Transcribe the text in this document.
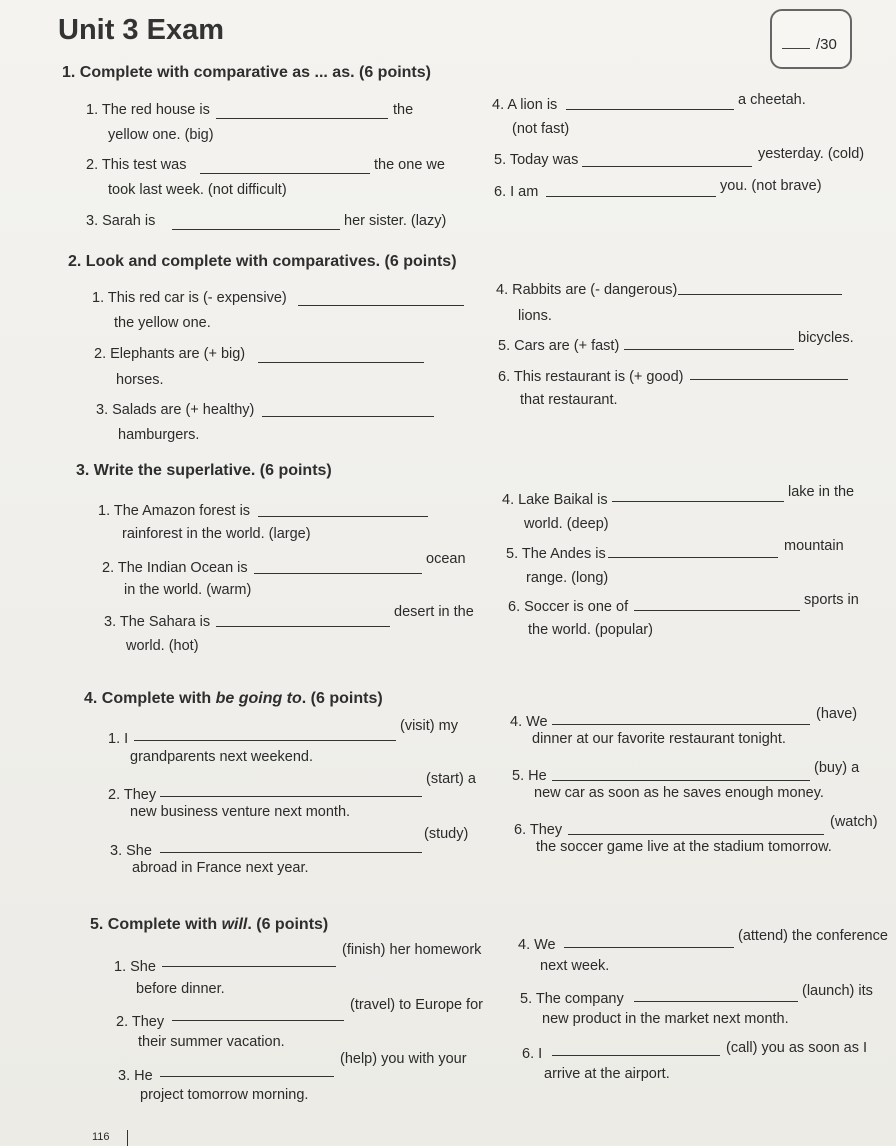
Unit 3 Exam	/30
1. Complete with comparative as ... as. (6 points)
1. The red house is	the
yellow one. (big)
2. This test was	the one we
took last week. (not difficult)
3. Sarah is	her sister. (lazy)
4. A lion is	a cheetah.
(not fast)
5. Today was	yesterday. (cold)
6. I am	you. (not brave)
2. Look and complete with comparatives. (6 points)
1. This red car is (- expensive)
the yellow one.
2. Elephants are (+ big)
horses.
3. Salads are (+ healthy)
hamburgers.
4. Rabbits are (- dangerous)
lions.
5. Cars are (+ fast)	bicycles.
6. This restaurant is (+ good)
that restaurant.
3. Write the superlative. (6 points)
1. The Amazon forest is
rainforest in the world. (large)
2. The Indian Ocean is
ocean
in the world. (warm)
3. The Sahara is
desert in the
world. (hot)
4. Lake Baikal is	lake in the
world. (deep)
5. The Andes is	mountain
range. (long)
6. Soccer is one of	sports in
the world. (popular)
4. Complete with be going to. (6 points)
1. I
(visit) my
grandparents next weekend.
2. They
(start) a
new business venture next month.
3. She
(study)
abroad in France next year.
4. We	(have)
dinner at our favorite restaurant tonight.
5. He	(buy) a
new car as soon as he saves enough money.
6. They	(watch)
the soccer game live at the stadium tomorrow.
5. Complete with will. (6 points)
1. She
(finish) her homework
before dinner.
2. They
(travel) to Europe for
their summer vacation.
3. He
(help) you with your
project tomorrow morning.
4. We
(attend) the conference
next week.
5. The company	(launch) its
new product in the market next month.
6. I	(call) you as soon as I
arrive at the airport.
116
